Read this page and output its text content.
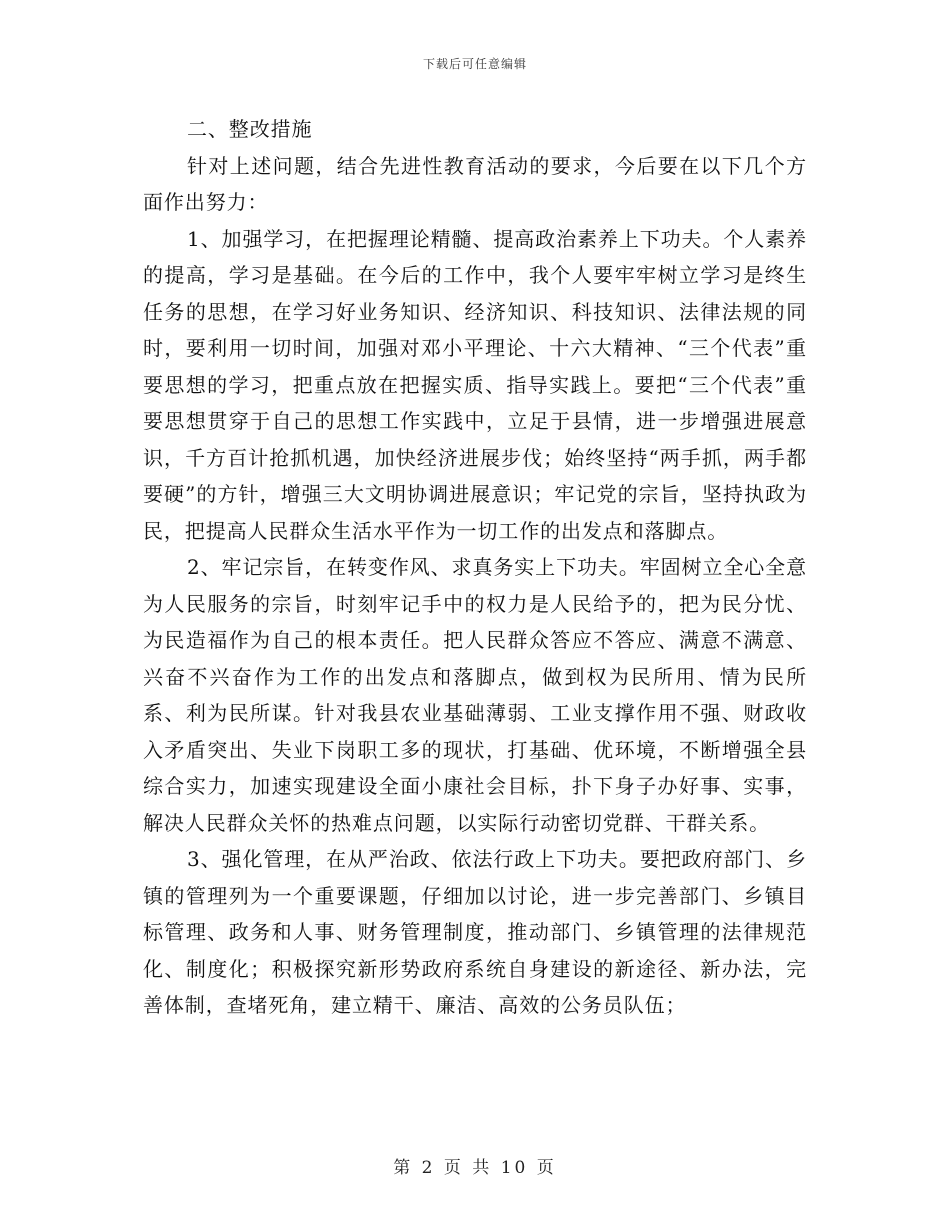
下载后可任意编辑

二、整改措施

针对上述问题，结合先进性教育活动的要求，今后要在以下几个方面作出努力：

1、加强学习，在把握理论精髓、提高政治素养上下功夫。个人素养的提高，学习是基础。在今后的工作中，我个人要牢牢树立学习是终生任务的思想，在学习好业务知识、经济知识、科技知识、法律法规的同时，要利用一切时间，加强对邓小平理论、十六大精神、“三个代表”重要思想的学习，把重点放在把握实质、指导实践上。要把“三个代表”重要思想贯穿于自己的思想工作实践中，立足于县情，进一步增强进展意识，千方百计抢抓机遇，加快经济进展步伐；始终坚持“两手抓，两手都要硬”的方针，增强三大文明协调进展意识；牢记党的宗旨，坚持执政为民，把提高人民群众生活水平作为一切工作的出发点和落脚点。

2、牢记宗旨，在转变作风、求真务实上下功夫。牢固树立全心全意为人民服务的宗旨，时刻牢记手中的权力是人民给予的，把为民分忧、为民造福作为自己的根本责任。把人民群众答应不答应、满意不满意、兴奋不兴奋作为工作的出发点和落脚点，做到权为民所用、情为民所系、利为民所谋。针对我县农业基础薄弱、工业支撑作用不强、财政收入矛盾突出、失业下岗职工多的现状，打基础、优环境，不断增强全县综合实力，加速实现建设全面小康社会目标，扑下身子办好事、实事，解决人民群众关怀的热难点问题，以实际行动密切党群、干群关系。

3、强化管理，在从严治政、依法行政上下功夫。要把政府部门、乡镇的管理列为一个重要课题，仔细加以讨论，进一步完善部门、乡镇目标管理、政务和人事、财务管理制度，推动部门、乡镇管理的法律规范化、制度化；积极探究新形势政府系统自身建设的新途径、新办法，完善体制，查堵死角，建立精干、廉洁、高效的公务员队伍；

第 2 页 共 10 页
